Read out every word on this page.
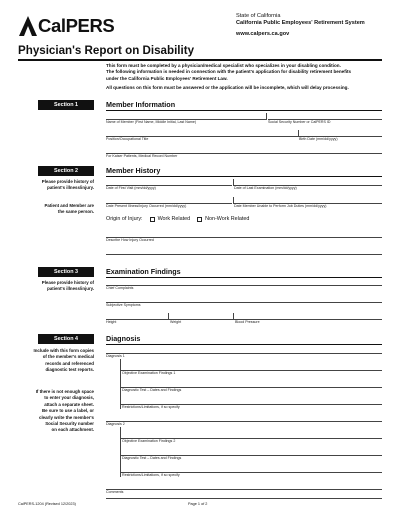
CalPERS	State of California
California Public Employees' Retirement System
www.calpers.ca.gov
Physician's Report on Disability
This form must be completed by a physician/medical specialist who specializes in your disabling condition.
The following information is needed in connection with the patient's application for disability retirement benefits
under the California Public Employees' Retirement Law.
All questions on this form must be answered or the application will be incomplete, which will delay processing.
Section 1	Member Information
Name of Member (First Name, Middle Initial, Last Name)	Social Security Number or CalPERS ID
Position/Occupational Title	Birth Date (mm/dd/yyyy)
For Kaiser Patients, Medical Record Number
Section 2	Member History
Please provide history of
patient's illness/injury.
Patient and Member are
the same person.
Date of First Visit (mm/dd/yyyy)	Date of Last Examination (mm/dd/yyyy)
Date Present Illness/Injury Occurred (mm/dd/yyyy)	Date Member Unable to Perform Job Duties (mm/dd/yyyy)
Origin of Injury:	Work Related	Non-Work Related
Describe How Injury Occurred
Section 3	Examination Findings
Please provide history of
patient's illness/injury.	Chief Complaints
Subjective Symptoms
Height	Weight	Blood Pressure
Section 4	Diagnosis
Include with this form copies
of the member's medical
records and referenced
diagnostic test reports.
If there is not enough space
to enter your diagnosis,
attach a separate sheet.
Be sure to use a label, or
clearly write the member's
Social Security number
on each attachment.
Diagnosis 1
Objective Examination Findings 1
Diagnostic Test – Dates and Findings
Restrictions/Limitations, if so specify
Diagnosis 2
Objective Examination Findings 2
Diagnostic Test – Dates and Findings
Restrictions/Limitations, if so specify
Comments
CalPERS-1204 (Revised 12/2023)	Page 1 of 2
